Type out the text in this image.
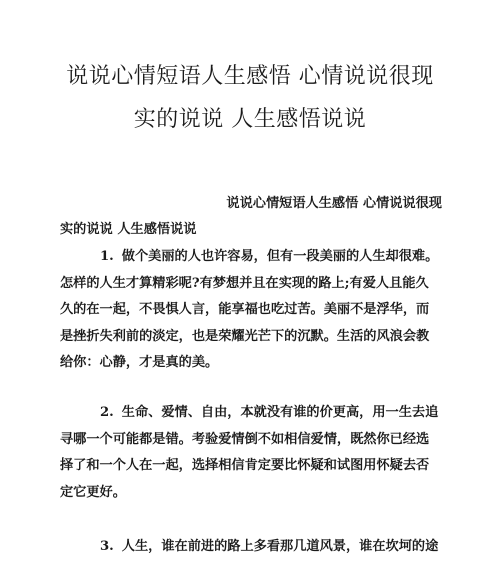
说说心情短语人生感悟 心情说说很现
实的说说 人生感悟说说
说说心情短语人生感悟 心情说说很现
实的说说 人生感悟说说
1. 做个美丽的人也许容易，但有一段美丽的人生却很难。
怎样的人生才算精彩呢?有梦想并且在实现的路上;有爱人且能久
久的在一起，不畏惧人言，能享福也吃过苦。美丽不是浮华，而
是挫折失利前的淡定，也是荣耀光芒下的沉默。生活的风浪会教
给你：心静，才是真的美。
2. 生命、爱情、自由，本就没有谁的价更高，用一生去追
寻哪一个可能都是错。考验爱情倒不如相信爱情，既然你已经选
择了和一个人在一起，选择相信肯定要比怀疑和试图用怀疑去否
定它更好。
3. 人生，谁在前进的路上多看那几道风景，谁在坎坷的途
